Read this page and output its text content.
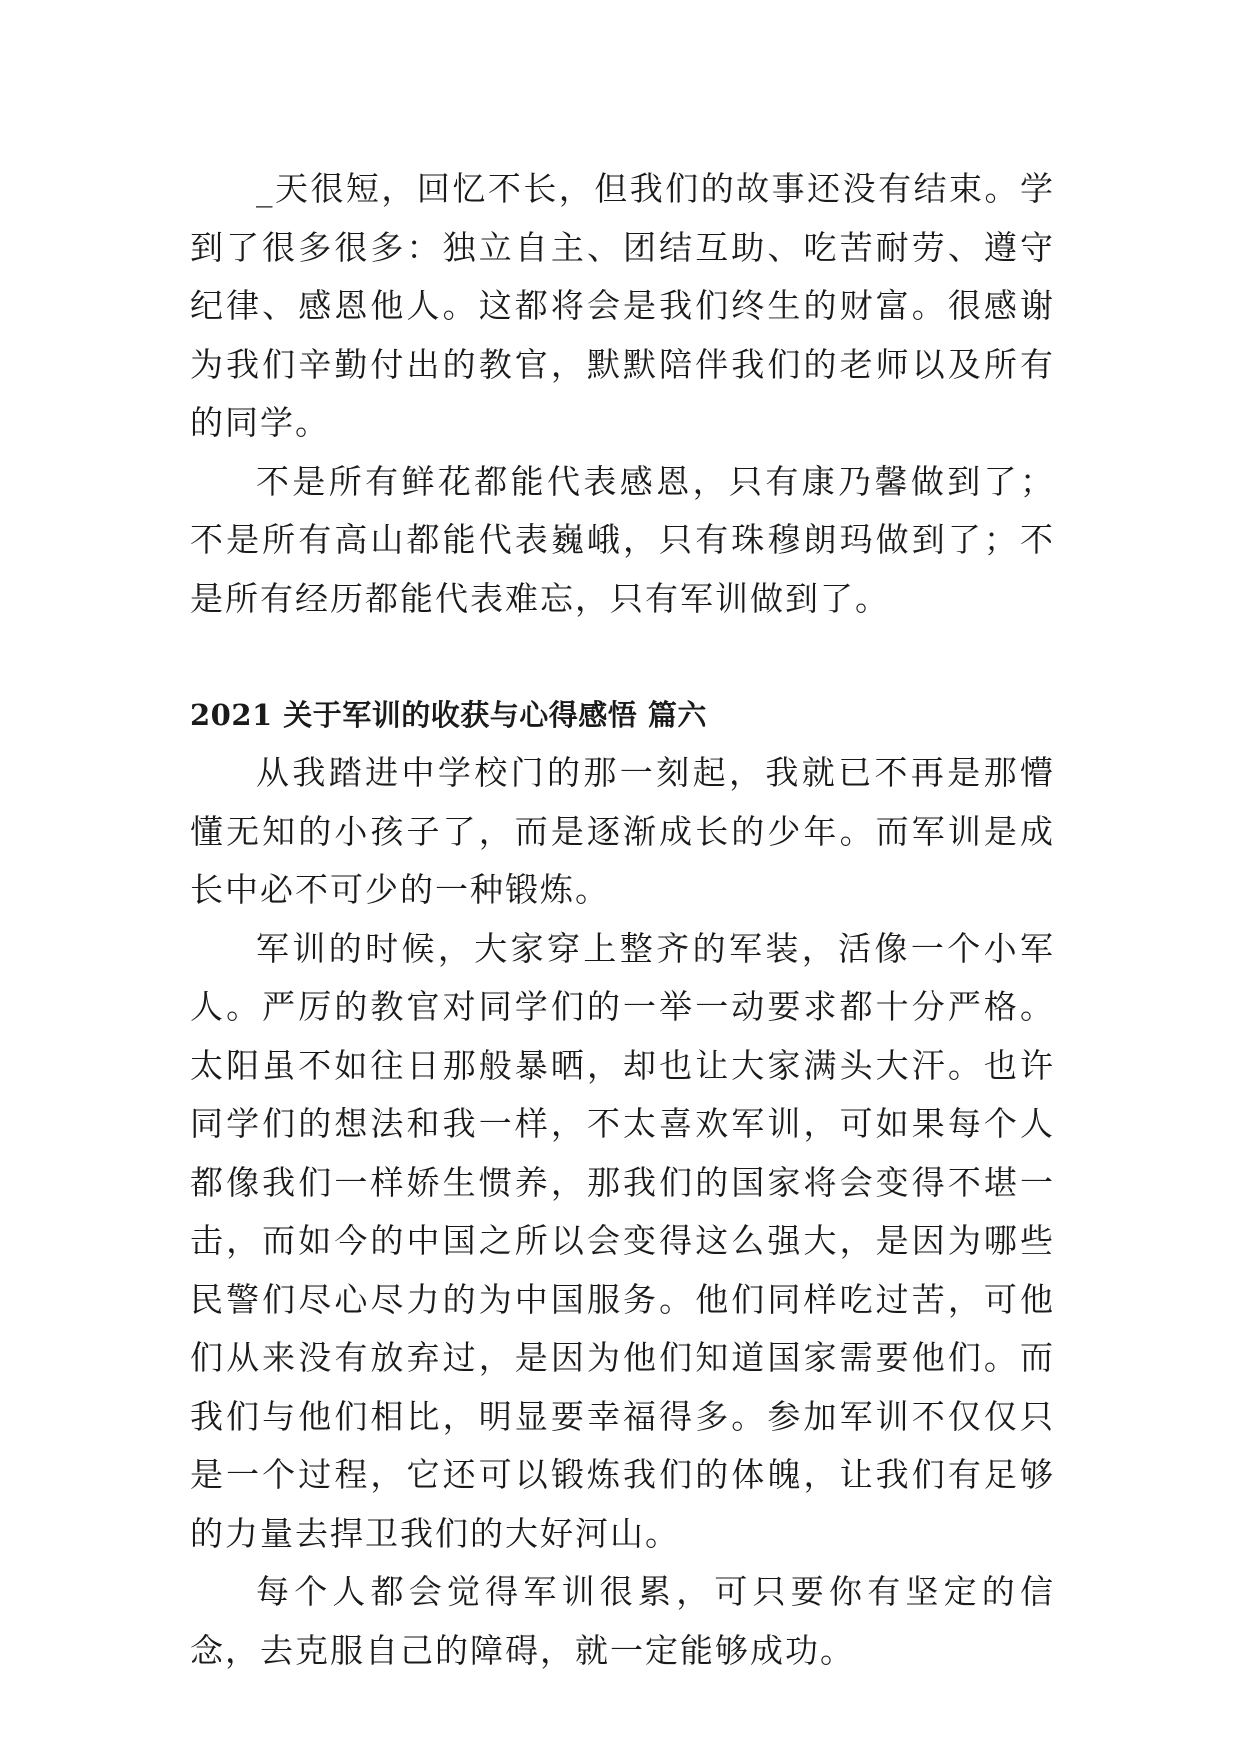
_天很短，回忆不长，但我们的故事还没有结束。学到了很多很多：独立自主、团结互助、吃苦耐劳、遵守纪律、感恩他人。这都将会是我们终生的财富。很感谢为我们辛勤付出的教官，默默陪伴我们的老师以及所有的同学。

不是所有鲜花都能代表感恩，只有康乃馨做到了；不是所有高山都能代表巍峨，只有珠穆朗玛做到了；不是所有经历都能代表难忘，只有军训做到了。

2021 关于军训的收获与心得感悟 篇六

从我踏进中学校门的那一刻起，我就已不再是那懵懂无知的小孩子了，而是逐渐成长的少年。而军训是成长中必不可少的一种锻炼。

军训的时候，大家穿上整齐的军装，活像一个小军人。严厉的教官对同学们的一举一动要求都十分严格。太阳虽不如往日那般暴晒，却也让大家满头大汗。也许同学们的想法和我一样，不太喜欢军训，可如果每个人都像我们一样娇生惯养，那我们的国家将会变得不堪一击，而如今的中国之所以会变得这么强大，是因为哪些民警们尽心尽力的为中国服务。他们同样吃过苦，可他们从来没有放弃过，是因为他们知道国家需要他们。而我们与他们相比，明显要幸福得多。参加军训不仅仅只是一个过程，它还可以锻炼我们的体魄，让我们有足够的力量去捍卫我们的大好河山。

每个人都会觉得军训很累，可只要你有坚定的信念，去克服自己的障碍，就一定能够成功。
